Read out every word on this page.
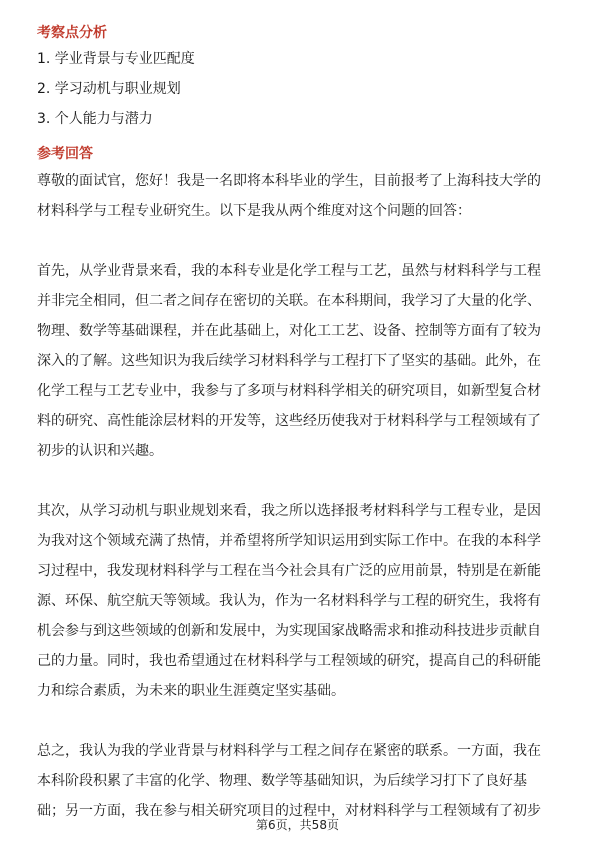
考察点分析
1. 学业背景与专业匹配度
2. 学习动机与职业规划
3. 个人能力与潜力
参考回答
尊敬的面试官，您好！我是一名即将本科毕业的学生，目前报考了上海科技大学的
材料科学与工程专业研究生。以下是我从两个维度对这个问题的回答：
首先，从学业背景来看，我的本科专业是化学工程与工艺，虽然与材料科学与工程
并非完全相同，但二者之间存在密切的关联。在本科期间，我学习了大量的化学、
物理、数学等基础课程，并在此基础上，对化工工艺、设备、控制等方面有了较为
深入的了解。这些知识为我后续学习材料科学与工程打下了坚实的基础。此外，在
化学工程与工艺专业中，我参与了多项与材料科学相关的研究项目，如新型复合材
料的研究、高性能涂层材料的开发等，这些经历使我对于材料科学与工程领域有了
初步的认识和兴趣。
其次，从学习动机与职业规划来看，我之所以选择报考材料科学与工程专业，是因
为我对这个领域充满了热情，并希望将所学知识运用到实际工作中。在我的本科学
习过程中，我发现材料科学与工程在当今社会具有广泛的应用前景，特别是在新能
源、环保、航空航天等领域。我认为，作为一名材料科学与工程的研究生，我将有
机会参与到这些领域的创新和发展中，为实现国家战略需求和推动科技进步贡献自
己的力量。同时，我也希望通过在材料科学与工程领域的研究，提高自己的科研能
力和综合素质，为未来的职业生涯奠定坚实基础。
总之，我认为我的学业背景与材料科学与工程之间存在紧密的联系。一方面，我在
本科阶段积累了丰富的化学、物理、数学等基础知识，为后续学习打下了良好基
础；另一方面，我在参与相关研究项目的过程中，对材料科学与工程领域有了初步
第6页，共58页
